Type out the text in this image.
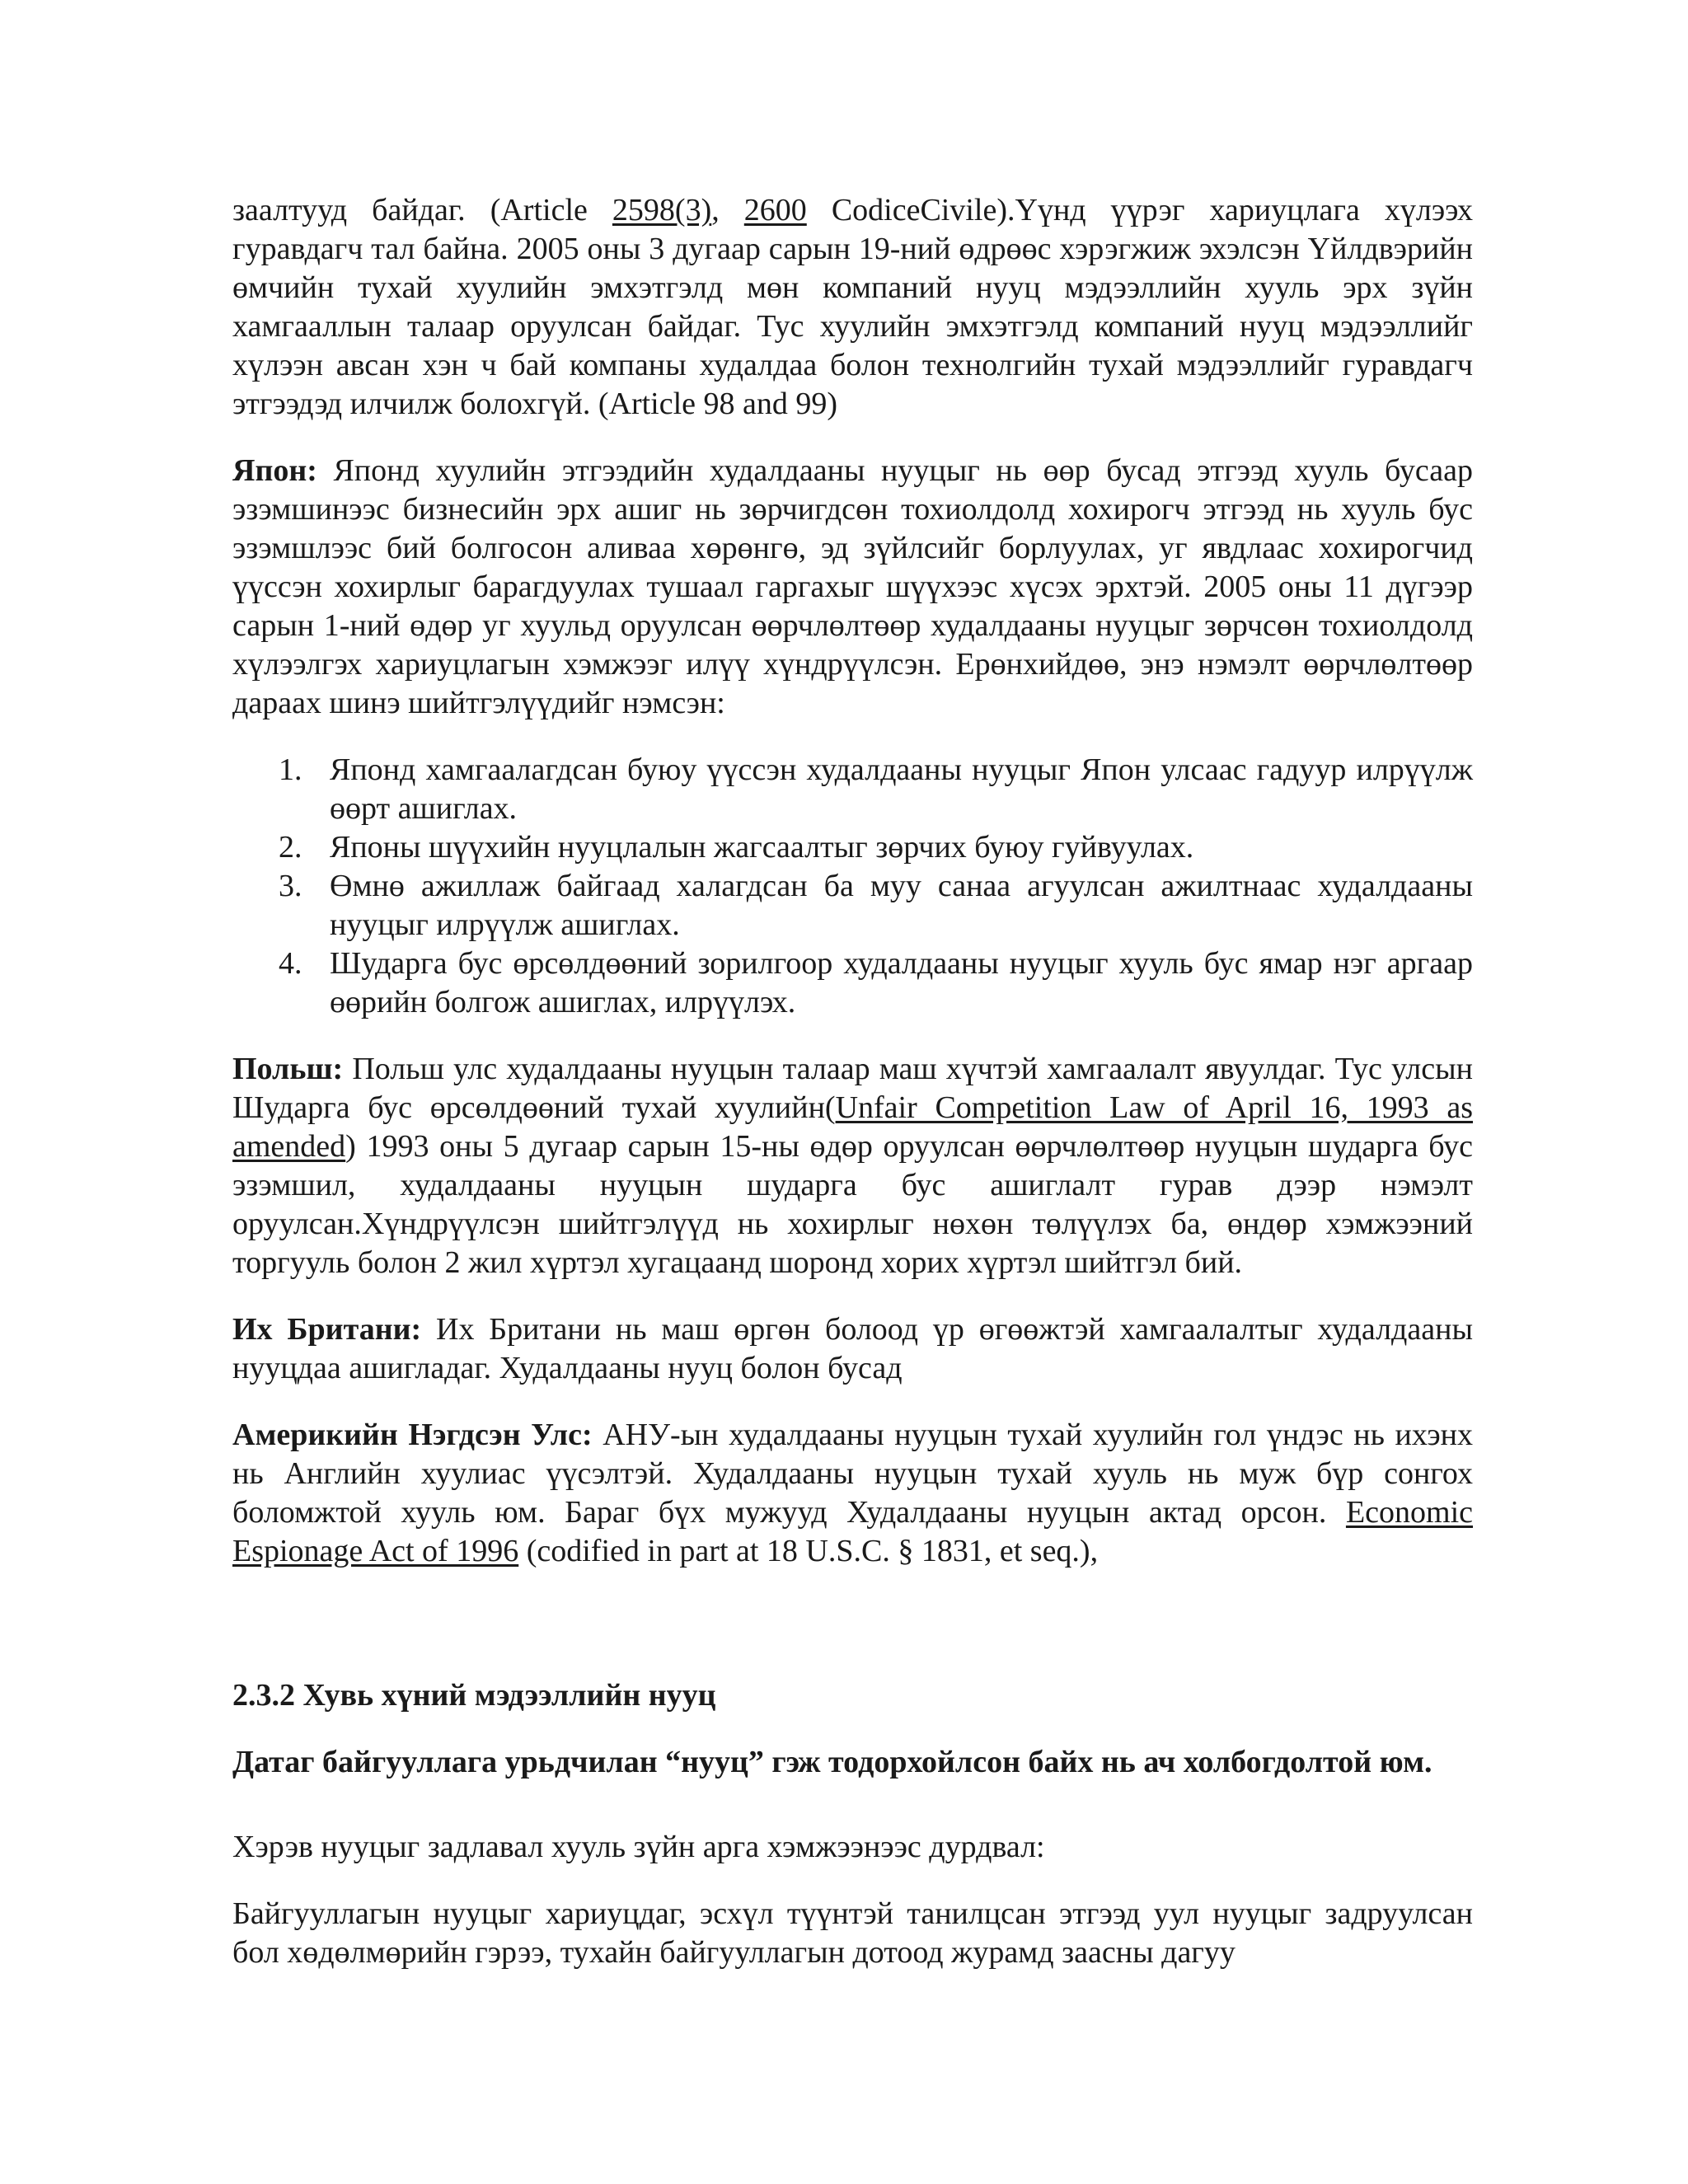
заалтууд байдаг. (Article 2598(3), 2600 CodiceCivile).Үүнд үүрэг хариуцлага хүлээх гуравдагч тал байна. 2005 оны 3 дугаар сарын 19-ний өдрөөс хэрэгжиж эхэлсэн Үйлдвэрийн өмчийн тухай хуулийн эмхэтгэлд мөн компаний нууц мэдээллийн хууль эрх зүйн хамгааллын талаар оруулсан байдаг. Тус хуулийн эмхэтгэлд компаний нууц мэдээллийг хүлээн авсан хэн ч бай компаны худалдаа болон технолгийн тухай мэдээллийг гуравдагч этгээдэд илчилж болохгүй. (Article 98 and 99)

Япон: Японд хуулийн этгээдийн худалдааны нууцыг нь өөр бусад этгээд хууль бусаар эзэмшинээс бизнесийн эрх ашиг нь зөрчигдсөн тохиолдолд хохирогч этгээд нь хууль бус эзэмшлээс бий болгосон аливаа хөрөнгө, эд зүйлсийг борлуулах, уг явдлаас хохирогчид үүссэн хохирлыг барагдуулах тушаал гаргахыг шүүхээс хүсэх эрхтэй. 2005 оны 11 дүгээр сарын 1-ний өдөр уг хуульд оруулсан өөрчлөлтөөр худалдааны нууцыг зөрчсөн тохиолдолд хүлээлгэх хариуцлагын хэмжээг илүү хүндрүүлсэн. Ерөнхийдөө, энэ нэмэлт өөрчлөлтөөр дараах шинэ шийтгэлүүдийг нэмсэн:

1. Японд хамгаалагдсан буюу үүссэн худалдааны нууцыг Япон улсаас гадуур илрүүлж өөрт ашиглах.
2. Японы шүүхийн нууцлалын жагсаалтыг зөрчих буюу гуйвуулах.
3. Өмнө ажиллаж байгаад халагдсан ба муу санаа агуулсан ажилтнаас худалдааны нууцыг илрүүлж ашиглах.
4. Шударга бус өрсөлдөөний зорилгоор худалдааны нууцыг хууль бус ямар нэг аргаар өөрийн болгож ашиглах, илрүүлэх.

Польш: Польш улс худалдааны нууцын талаар маш хүчтэй хамгаалалт явуулдаг. Тус улсын Шударга бус өрсөлдөөний тухай хуулийн(Unfair Competition Law of April 16, 1993 as amended) 1993 оны 5 дугаар сарын 15-ны өдөр оруулсан өөрчлөлтөөр нууцын шударга бус эзэмшил, худалдааны нууцын шударга бус ашиглалт гурав дээр нэмэлт оруулсан.Хүндрүүлсэн шийтгэлүүд нь хохирлыг нөхөн төлүүлэх ба, өндөр хэмжээний торгууль болон 2 жил хүртэл хугацаанд шоронд хорих хүртэл шийтгэл бий.

Их Британи: Их Британи нь маш өргөн болоод үр өгөөжтэй хамгаалалтыг худалдааны нууцдаа ашигладаг. Худалдааны нууц болон бусад

Америкийн Нэгдсэн Улс: АНУ-ын худалдааны нууцын тухай хуулийн гол үндэс нь ихэнх нь Английн хуулиас үүсэлтэй. Худалдааны нууцын тухай хууль нь муж бүр сонгох боломжтой хууль юм. Бараг бүх мужууд Худалдааны нууцын актад орсон. Economic Espionage Act of 1996 (codified in part at 18 U.S.C. § 1831, et seq.),

2.3.2 Хувь хүний мэдээллийн нууц

Датаг байгууллага урьдчилан “нууц” гэж тодорхойлсон байх нь ач холбогдолтой юм.

Хэрэв нууцыг задлавал хууль зүйн арга хэмжээнээс дурдвал:

Байгууллагын нууцыг хариуцдаг, эсхүл түүнтэй танилцсан этгээд уул нууцыг задруулсан бол хөдөлмөрийн гэрээ, тухайн байгууллагын дотоод журамд заасны дагуу
